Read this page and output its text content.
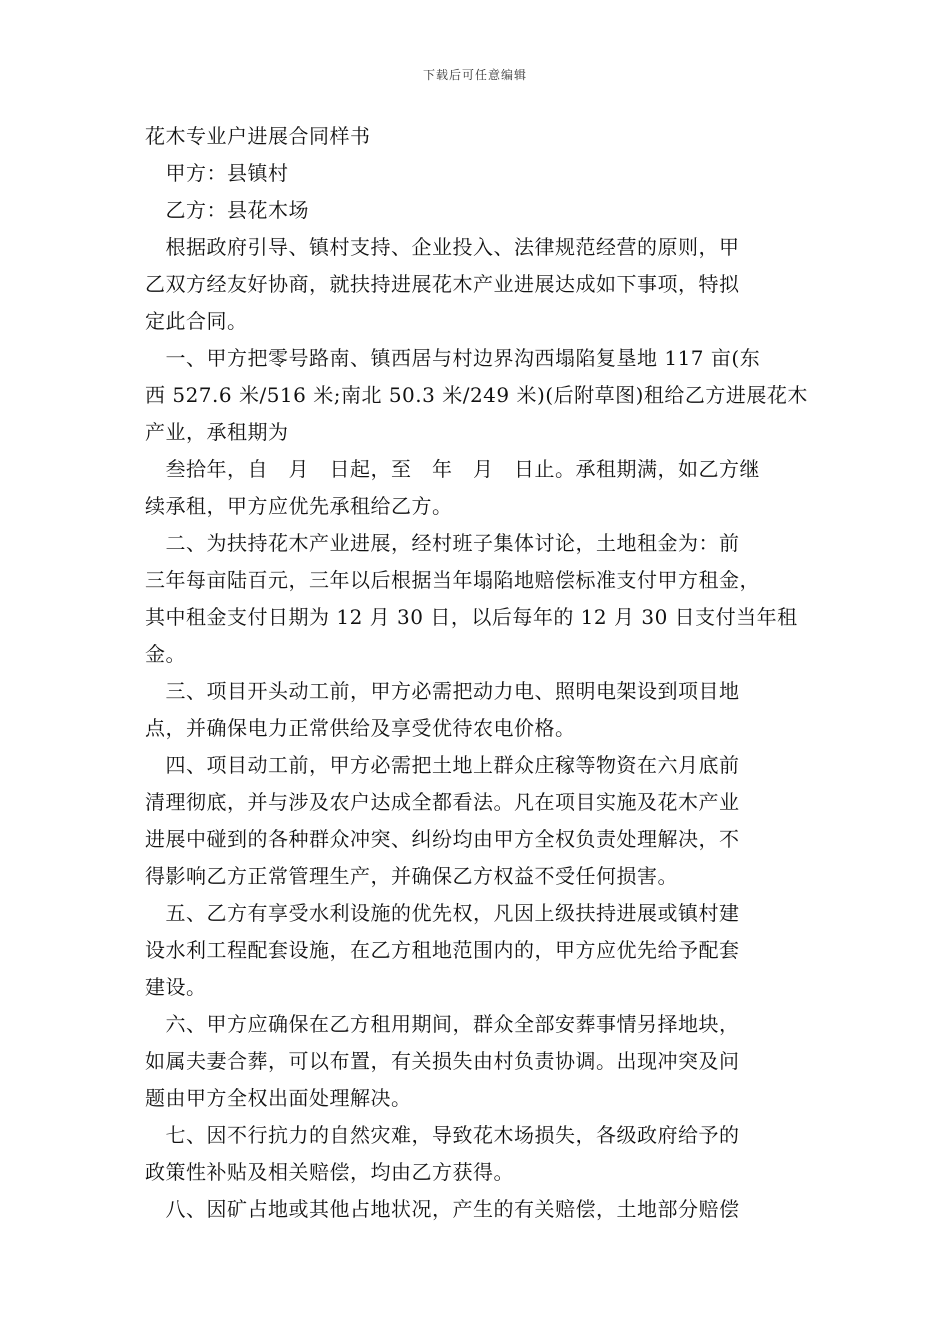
下载后可任意编辑
花木专业户进展合同样书
　甲方：县镇村
　乙方：县花木场
　根据政府引导、镇村支持、企业投入、法律规范经营的原则，甲
乙双方经友好协商，就扶持进展花木产业进展达成如下事项，特拟
定此合同。
　一、甲方把零号路南、镇西居与村边界沟西塌陷复垦地 117 亩(东
西 527.6 米/516 米;南北 50.3 米/249 米)(后附草图)租给乙方进展花木
产业，承租期为
　叁拾年，自　月　日起，至　年　月　日止。承租期满，如乙方继
续承租，甲方应优先承租给乙方。
　二、为扶持花木产业进展，经村班子集体讨论，土地租金为：前
三年每亩陆百元，三年以后根据当年塌陷地赔偿标准支付甲方租金，
其中租金支付日期为 12 月 30 日，以后每年的 12 月 30 日支付当年租
金。
　三、项目开头动工前，甲方必需把动力电、照明电架设到项目地
点，并确保电力正常供给及享受优待农电价格。
　四、项目动工前，甲方必需把土地上群众庄稼等物资在六月底前
清理彻底，并与涉及农户达成全都看法。凡在项目实施及花木产业
进展中碰到的各种群众冲突、纠纷均由甲方全权负责处理解决，不
得影响乙方正常管理生产，并确保乙方权益不受任何损害。
　五、乙方有享受水利设施的优先权，凡因上级扶持进展或镇村建
设水利工程配套设施，在乙方租地范围内的，甲方应优先给予配套
建设。
　六、甲方应确保在乙方租用期间，群众全部安葬事情另择地块，
如属夫妻合葬，可以布置，有关损失由村负责协调。出现冲突及问
题由甲方全权出面处理解决。
　七、因不行抗力的自然灾难，导致花木场损失，各级政府给予的
政策性补贴及相关赔偿，均由乙方获得。
　八、因矿占地或其他占地状况，产生的有关赔偿，土地部分赔偿
